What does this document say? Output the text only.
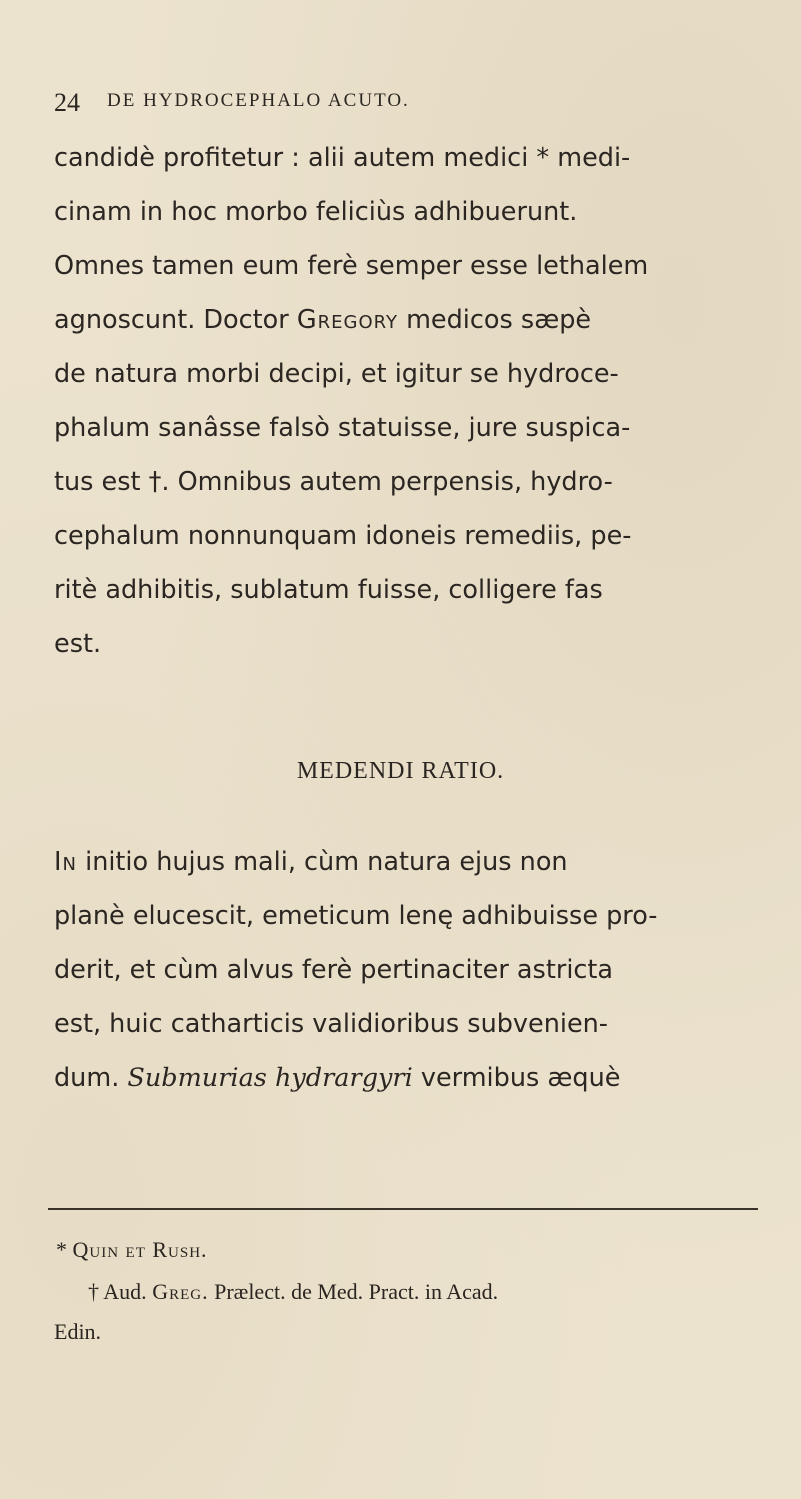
24 DE HYDROCEPHALO ACUTO.
candidè profitetur : alii autem medici * medi-
cinam in hoc morbo feliciùs adhibuerunt.
Omnes tamen eum ferè semper esse lethalem
agnoscunt. Doctor Gregory medicos sæpè
de natura morbi decipi, et igitur se hydroce-
phalum sanâsse falsò statuisse, jure suspica-
tus est †. Omnibus autem perpensis, hydro-
cephalum nonnunquam idoneis remediis, pe-
ritè adhibitis, sublatum fuisse, colligere fas
est.
MEDENDI RATIO.
In initio hujus mali, cùm natura ejus non
planè elucescit, emeticum lenę adhibuisse pro-
derit, et cùm alvus ferè pertinaciter astricta
est, huic catharticis validioribus subvenien-
dum. Submurias hydrargyri vermibus æquè
* Quin et Rush.
† Aud. Greg. Prælect. de Med. Pract. in Acad.
Edin.
